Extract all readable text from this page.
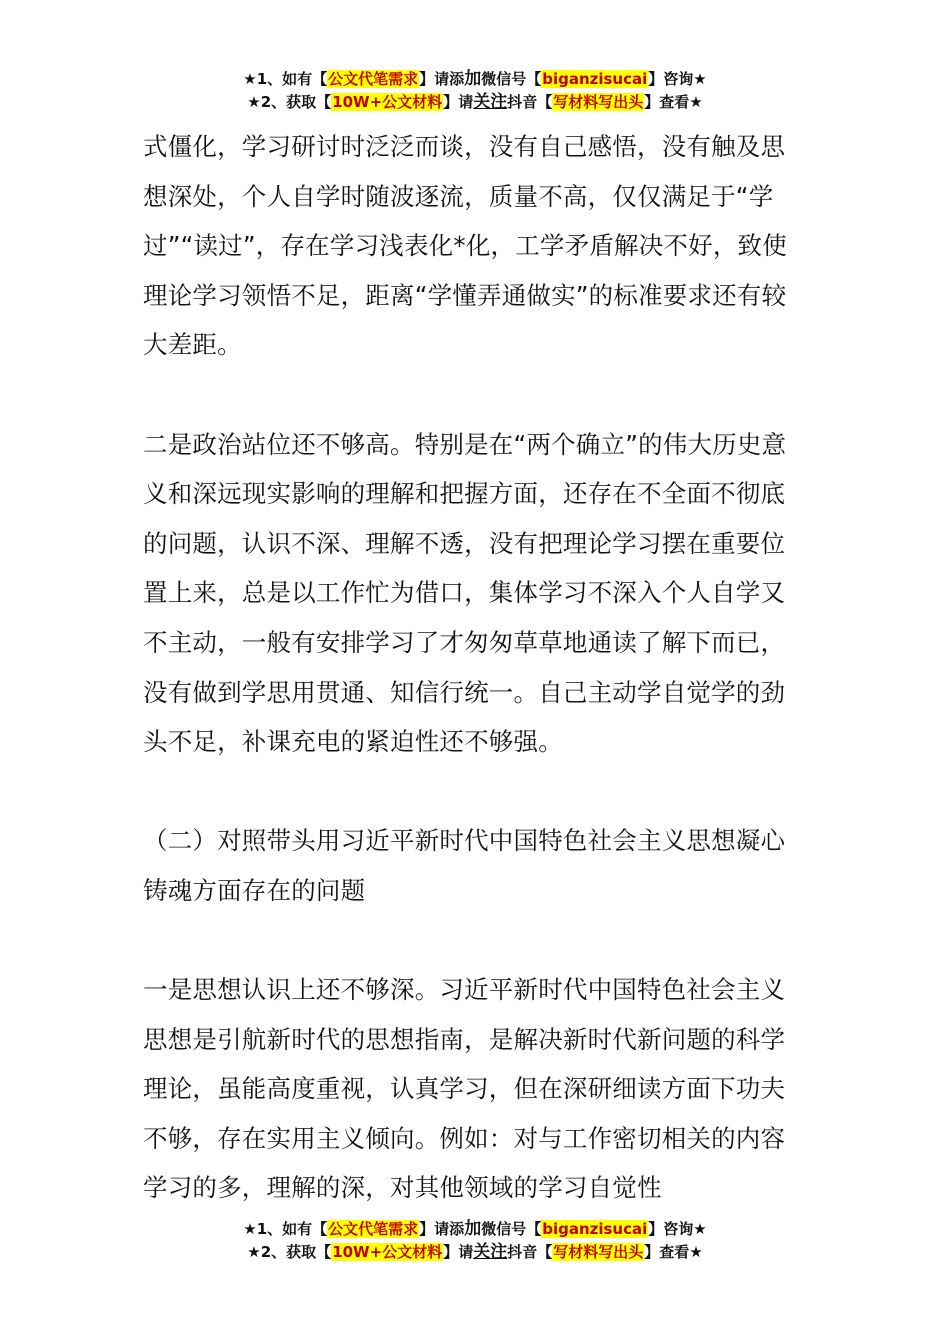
★1、如有【公文代笔需求】请添加微信号【biganzisucai】咨询★
★2、获取【10W+公文材料】请关注抖音【写材料写出头】查看★

式僵化，学习研讨时泛泛而谈，没有自己感悟，没有触及思想深处，个人自学时随波逐流，质量不高，仅仅满足于“学过”“读过”，存在学习浅表化*化，工学矛盾解决不好，致使理论学习领悟不足，距离“学懂弄通做实”的标准要求还有较大差距。

二是政治站位还不够高。特别是在“两个确立”的伟大历史意义和深远现实影响的理解和把握方面，还存在不全面不彻底的问题，认识不深、理解不透，没有把理论学习摆在重要位置上来，总是以工作忙为借口，集体学习不深入个人自学又不主动，一般有安排学习了才匆匆草草地通读了解下而已，没有做到学思用贯通、知信行统一。自己主动学自觉学的劲头不足，补课充电的紧迫性还不够强。

（二）对照带头用习近平新时代中国特色社会主义思想凝心铸魂方面存在的问题

一是思想认识上还不够深。习近平新时代中国特色社会主义思想是引航新时代的思想指南，是解决新时代新问题的科学理论，虽能高度重视，认真学习，但在深研细读方面下功夫不够，存在实用主义倾向。例如：对与工作密切相关的内容学习的多，理解的深，对其他领域的学习自觉性

★1、如有【公文代笔需求】请添加微信号【biganzisucai】咨询★
★2、获取【10W+公文材料】请关注抖音【写材料写出头】查看★
